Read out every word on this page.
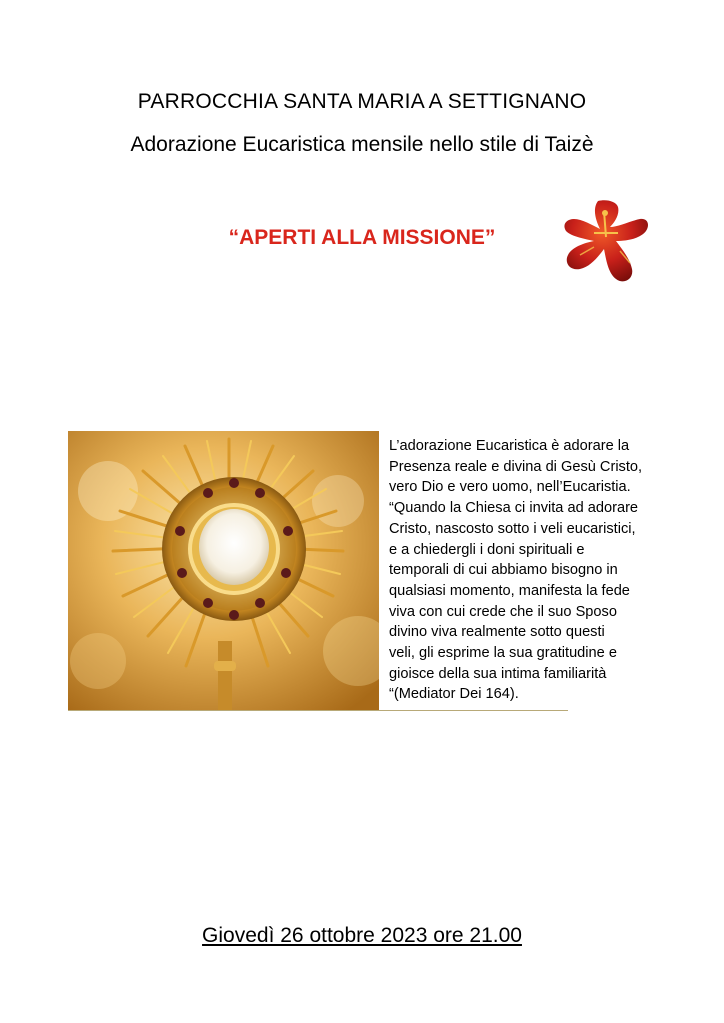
PARROCCHIA SANTA MARIA A SETTIGNANO
Adorazione Eucaristica mensile nello stile di Taizè
“APERTI ALLA MISSIONE”
L’adorazione Eucaristica è adorare la
Presenza reale e divina di Gesù Cristo,
vero Dio e vero uomo, nell’Eucaristia.
“Quando la Chiesa ci invita ad adorare
Cristo, nascosto sotto i veli eucaristici,
e a chiedergli i doni spirituali e
temporali di cui abbiamo bisogno in
qualsiasi momento, manifesta la fede
viva con cui crede che il suo Sposo
divino viva realmente sotto questi
veli, gli esprime la sua gratitudine e
gioisce della sua intima familiarità
“(Mediator Dei 164).
Giovedì 26 ottobre 2023 ore 21.00
